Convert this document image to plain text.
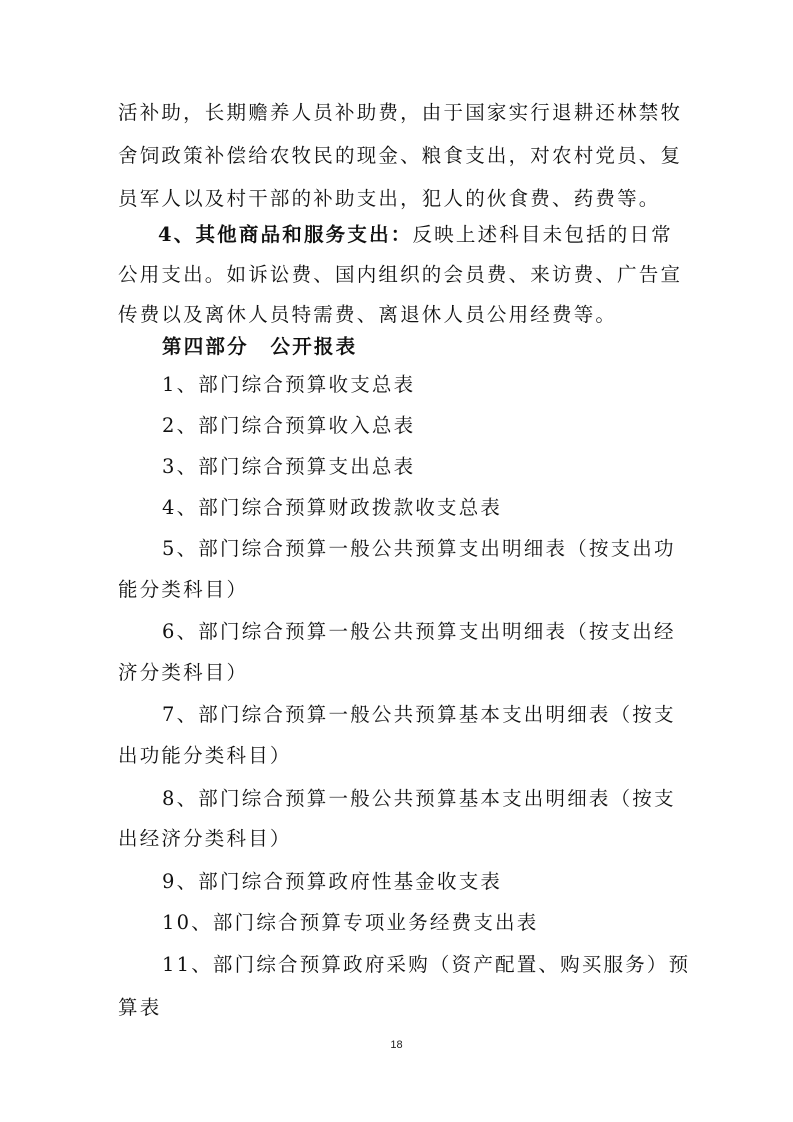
活补助，长期赡养人员补助费，由于国家实行退耕还林禁牧
舍饲政策补偿给农牧民的现金、粮食支出，对农村党员、复
员军人以及村干部的补助支出，犯人的伙食费、药费等。
4、其他商品和服务支出：反映上述科目未包括的日常
公用支出。如诉讼费、国内组织的会员费、来访费、广告宣
传费以及离休人员特需费、离退休人员公用经费等。
第四部分　公开报表
1、部门综合预算收支总表
2、部门综合预算收入总表
3、部门综合预算支出总表
4、部门综合预算财政拨款收支总表
5、部门综合预算一般公共预算支出明细表（按支出功
能分类科目）
6、部门综合预算一般公共预算支出明细表（按支出经
济分类科目）
7、部门综合预算一般公共预算基本支出明细表（按支
出功能分类科目）
8、部门综合预算一般公共预算基本支出明细表（按支
出经济分类科目）
9、部门综合预算政府性基金收支表
10、部门综合预算专项业务经费支出表
11、部门综合预算政府采购（资产配置、购买服务）预
算表
18
